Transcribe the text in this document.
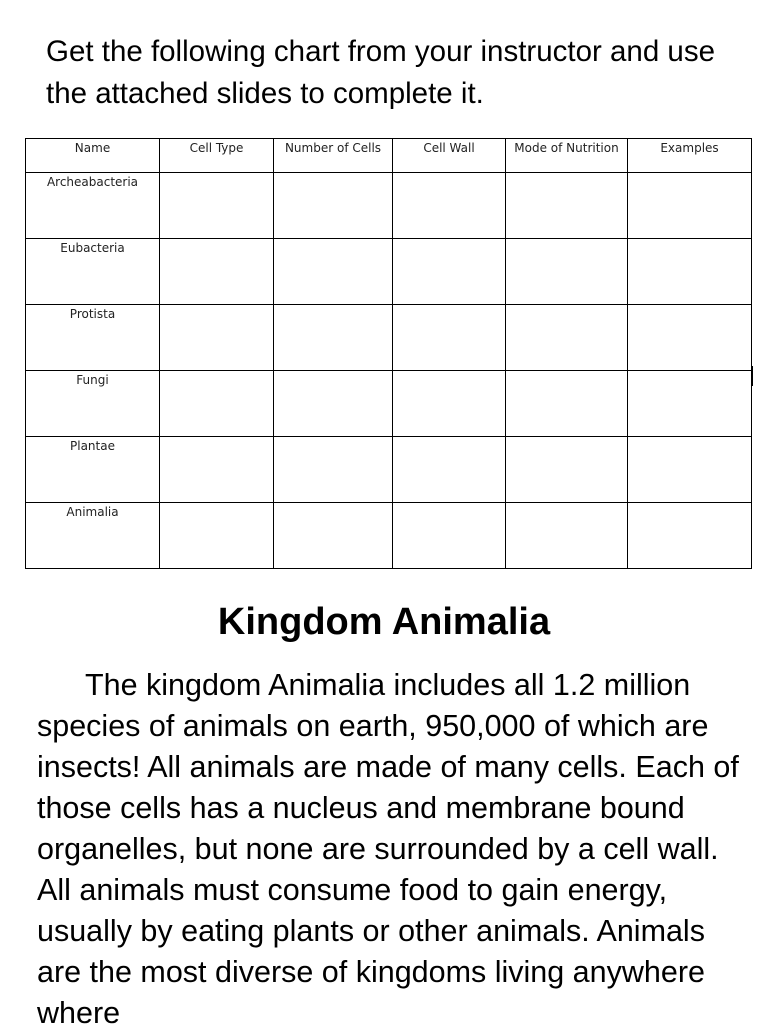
Get the following chart from your instructor and use the attached slides to complete it.

Name	Cell Type	Number of Cells	Cell Wall	Mode of Nutrition	Examples
Archeabacteria					
Eubacteria					
Protista					
Fungi					
Plantae					
Animalia					
Kingdom Animalia

The kingdom Animalia includes all 1.2 million species of animals on earth, 950,000 of which are insects! All animals are made of many cells. Each of those cells has a nucleus and membrane bound organelles, but none are surrounded by a cell wall. All animals must consume food to gain energy, usually by eating plants or other animals. Animals are the most diverse of kingdoms living anywhere where
